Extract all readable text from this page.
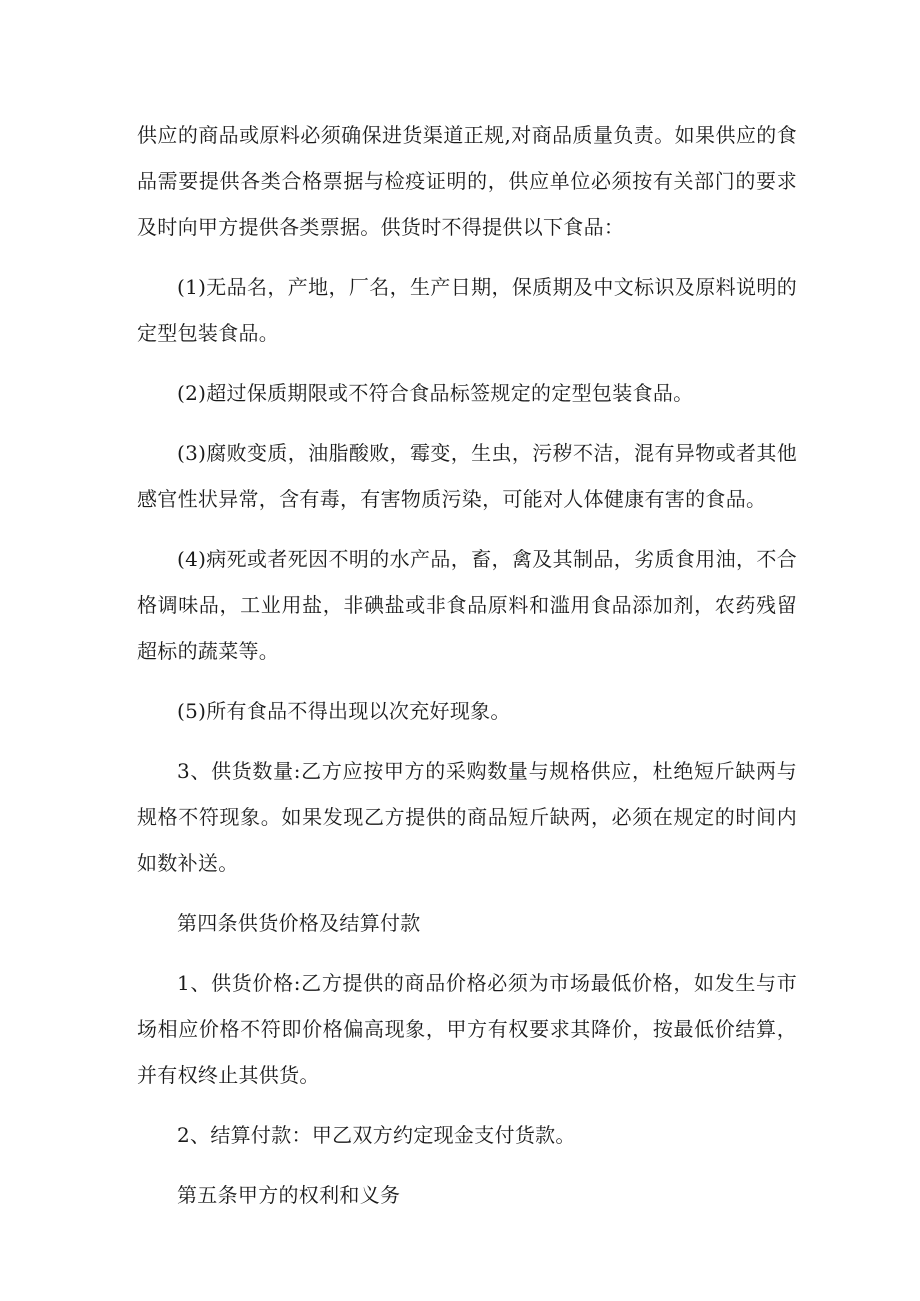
供应的商品或原料必须确保进货渠道正规,对商品质量负责。如果供应的食品需要提供各类合格票据与检疫证明的，供应单位必须按有关部门的要求及时向甲方提供各类票据。供货时不得提供以下食品：

(1)无品名，产地，厂名，生产日期，保质期及中文标识及原料说明的定型包装食品。

(2)超过保质期限或不符合食品标签规定的定型包装食品。

(3)腐败变质，油脂酸败，霉变，生虫，污秽不洁，混有异物或者其他感官性状异常，含有毒，有害物质污染，可能对人体健康有害的食品。

(4)病死或者死因不明的水产品，畜，禽及其制品，劣质食用油，不合格调味品，工业用盐，非碘盐或非食品原料和滥用食品添加剂，农药残留超标的蔬菜等。

(5)所有食品不得出现以次充好现象。

3、供货数量:乙方应按甲方的采购数量与规格供应，杜绝短斤缺两与规格不符现象。如果发现乙方提供的商品短斤缺两，必须在规定的时间内如数补送。

第四条供货价格及结算付款

1、供货价格:乙方提供的商品价格必须为市场最低价格，如发生与市场相应价格不符即价格偏高现象，甲方有权要求其降价，按最低价结算，并有权终止其供货。

2、结算付款：甲乙双方约定现金支付货款。

第五条甲方的权利和义务
